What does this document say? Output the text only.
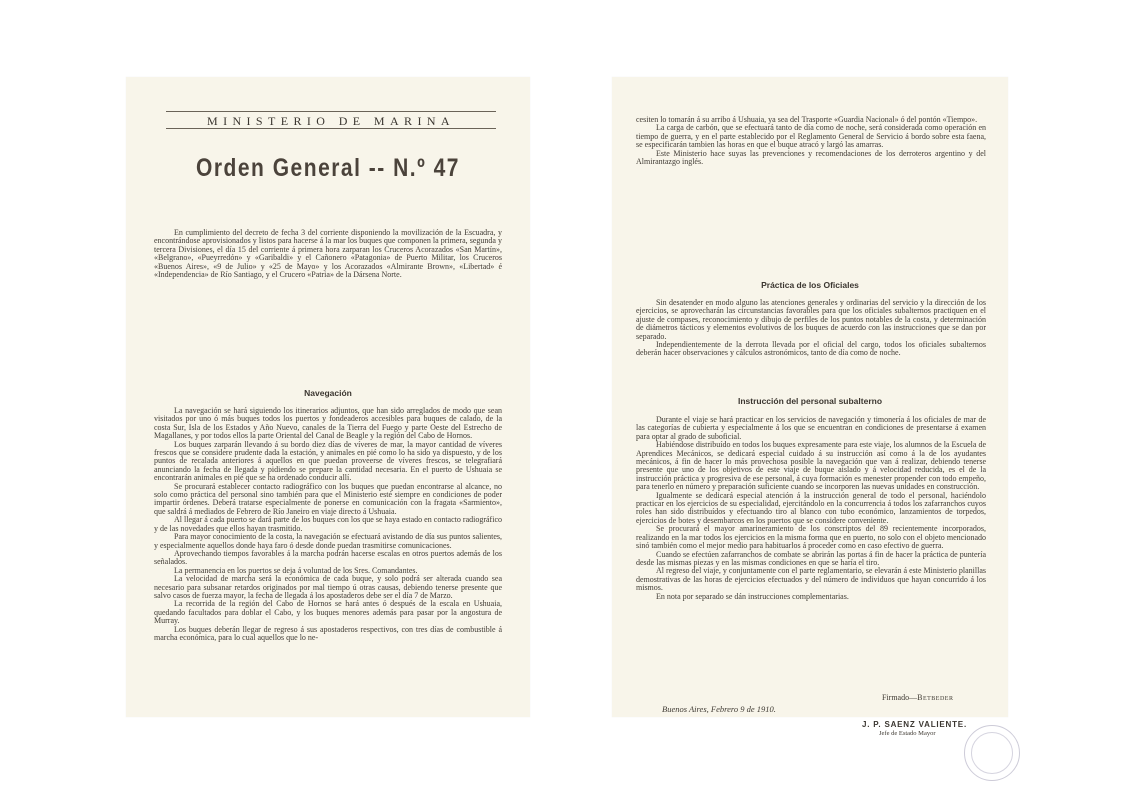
MINISTERIO DE MARINA
Orden General -- N.º 47

En cumplimiento del decreto de fecha 3 del corriente disponiendo la movilización de la Escuadra, y encontrándose aprovisionados y listos para hacerse á la mar los buques que componen la primera, segunda y tercera Divisiones, el día 15 del corriente á primera hora zarparan los Cruceros Acorazados «San Martín», «Belgrano», «Pueyrredón» y «Garibaldi» y el Cañonero «Patagonia» de Puerto Militar, los Cruceros «Buenos Aires», «9 de Julio» y «25 de Mayo» y los Acorazados «Almirante Brown», «Libertad» é «Independencia» de Río Santiago, y el Crucero «Patria» de la Dársena Norte.

Navegación

La navegación se hará siguiendo los itinerarios adjuntos, que han sido arreglados de modo que sean visitados por uno ó más buques todos los puertos y fondeaderos accesibles para buques de calado, de la costa Sur, Isla de los Estados y Año Nuevo, canales de la Tierra del Fuego y parte Oeste del Estrecho de Magallanes, y por todos ellos la parte Oriental del Canal de Beagle y la región del Cabo de Hornos.

Los buques zarparán llevando á su bordo diez días de víveres de mar, la mayor cantidad de víveres frescos que se considere prudente dada la estación, y animales en pié como lo ha sido ya dispuesto, y de los puntos de recalada anteriores á aquellos en que puedan proveerse de víveres frescos, se telegrafiará anunciando la fecha de llegada y pidiendo se prepare la cantidad necesaria. En el puerto de Ushuaia se encontrarán animales en pié que se ha ordenado conducir allí.

Se procurará establecer contacto radiográfico con los buques que puedan encontrarse al alcance, no solo como práctica del personal sino también para que el Ministerio esté siempre en condiciones de poder impartir órdenes. Deberá tratarse especialmente de ponerse en comunicación con la fragata «Sarmiento», que saldrá á mediados de Febrero de Río Janeiro en viaje directo á Ushuaia.

Al llegar á cada puerto se dará parte de los buques con los que se haya estado en contacto radiográfico y de las novedades que ellos hayan trasmitido.

Para mayor conocimiento de la costa, la navegación se efectuará avistando de día sus puntos salientes, y especialmente aquellos donde haya faro ó desde donde puedan trasmitirse comunicaciones.

Aprovechando tiempos favorables á la marcha podrán hacerse escalas en otros puertos además de los señalados.

La permanencia en los puertos se deja á voluntad de los Sres. Comandantes.

La velocidad de marcha será la económica de cada buque, y solo podrá ser alterada cuando sea necesario para subsanar retardos originados por mal tiempo ú otras causas, debiendo tenerse presente que salvo casos de fuerza mayor, la fecha de llegada á los apostaderos debe ser el día 7 de Marzo.

La recorrida de la región del Cabo de Hornos se hará antes ó después de la escala en Ushuaia, quedando facultados para doblar el Cabo, y los buques menores además para pasar por la angostura de Murray.

Los buques deberán llegar de regreso á sus apostaderos respectivos, con tres días de combustible á marcha económica, para lo cual aquellos que lo ne-

cesiten lo tomarán á su arribo á Ushuaia, ya sea del Trasporte «Guardia Nacional» ó del pontón «Tiempo».

La carga de carbón, que se efectuará tanto de día como de noche, será considerada como operación en tiempo de guerra, y en el parte establecido por el Reglamento General de Servicio á bordo sobre esta faena, se especificarán tambien las horas en que el buque atracó y largó las amarras.

Este Ministerio hace suyas las prevenciones y recomendaciones de los derroteros argentino y del Almirantazgo inglés.

Práctica de los Oficiales

Sin desatender en modo alguno las atenciones generales y ordinarias del servicio y la dirección de los ejercicios, se aprovecharán las circunstancias favorables para que los oficiales subalternos practiquen en el ajuste de compases, reconocimiento y dibujo de perfiles de los puntos notables de la costa, y determinación de diámetros tácticos y elementos evolutivos de los buques de acuerdo con las instrucciones que se dan por separado.

Independientemente de la derrota llevada por el oficial del cargo, todos los oficiales subalternos deberán hacer observaciones y cálculos astronómicos, tanto de día como de noche.

Instrucción del personal subalterno

Durante el viaje se hará practicar en los servicios de navegación y timonería á los oficiales de mar de las categorías de cubierta y especialmente á los que se encuentran en condiciones de presentarse á examen para optar al grado de suboficial.

Habiéndose distribuído en todos los buques expresamente para este viaje, los alumnos de la Escuela de Aprendices Mecánicos, se dedicará especial cuidado á su instrucción así como á la de los ayudantes mecánicos, á fin de hacer lo más provechosa posible la navegación que van á realizar, debiendo tenerse presente que uno de los objetivos de este viaje de buque aislado y á velocidad reducida, es el de la instrucción práctica y progresiva de ese personal, á cuya formación es menester propender con todo empeño, para tenerlo en número y preparación suficiente cuando se incorporen las nuevas unidades en construcción.

Igualmente se dedicará especial atención á la instrucción general de todo el personal, haciéndolo practicar en los ejercicios de su especialidad, ejercitándolo en la concurrencia á todos los zafarranchos cuyos roles han sido distribuídos y efectuando tiro al blanco con tubo económico, lanzamientos de torpedos, ejercicios de botes y desembarcos en los puertos que se considere conveniente.

Se procurará el mayor amarineramiento de los conscriptos del 89 recientemente incorporados, realizando en la mar todos los ejercicios en la misma forma que en puerto, no solo con el objeto mencionado sinó también como el mejor medio para habituarlos á proceder como en caso efectivo de guerra.

Cuando se efectúen zafarranchos de combate se abrirán las portas á fin de hacer la práctica de puntería desde las mismas piezas y en las mismas condiciones en que se haría el tiro.

Al regreso del viaje, y conjuntamente con el parte reglamentario, se elevarán á este Ministerio planillas demostrativas de las horas de ejercicios efectuados y del número de individuos que hayan concurrido á los mismos.

En nota por separado se dán instrucciones complementarias.

Firmado—Betbeder
Buenos Aires, Febrero 9 de 1910.
J. P. SAENZ VALIENTE.
Jefe de Estado Mayor
